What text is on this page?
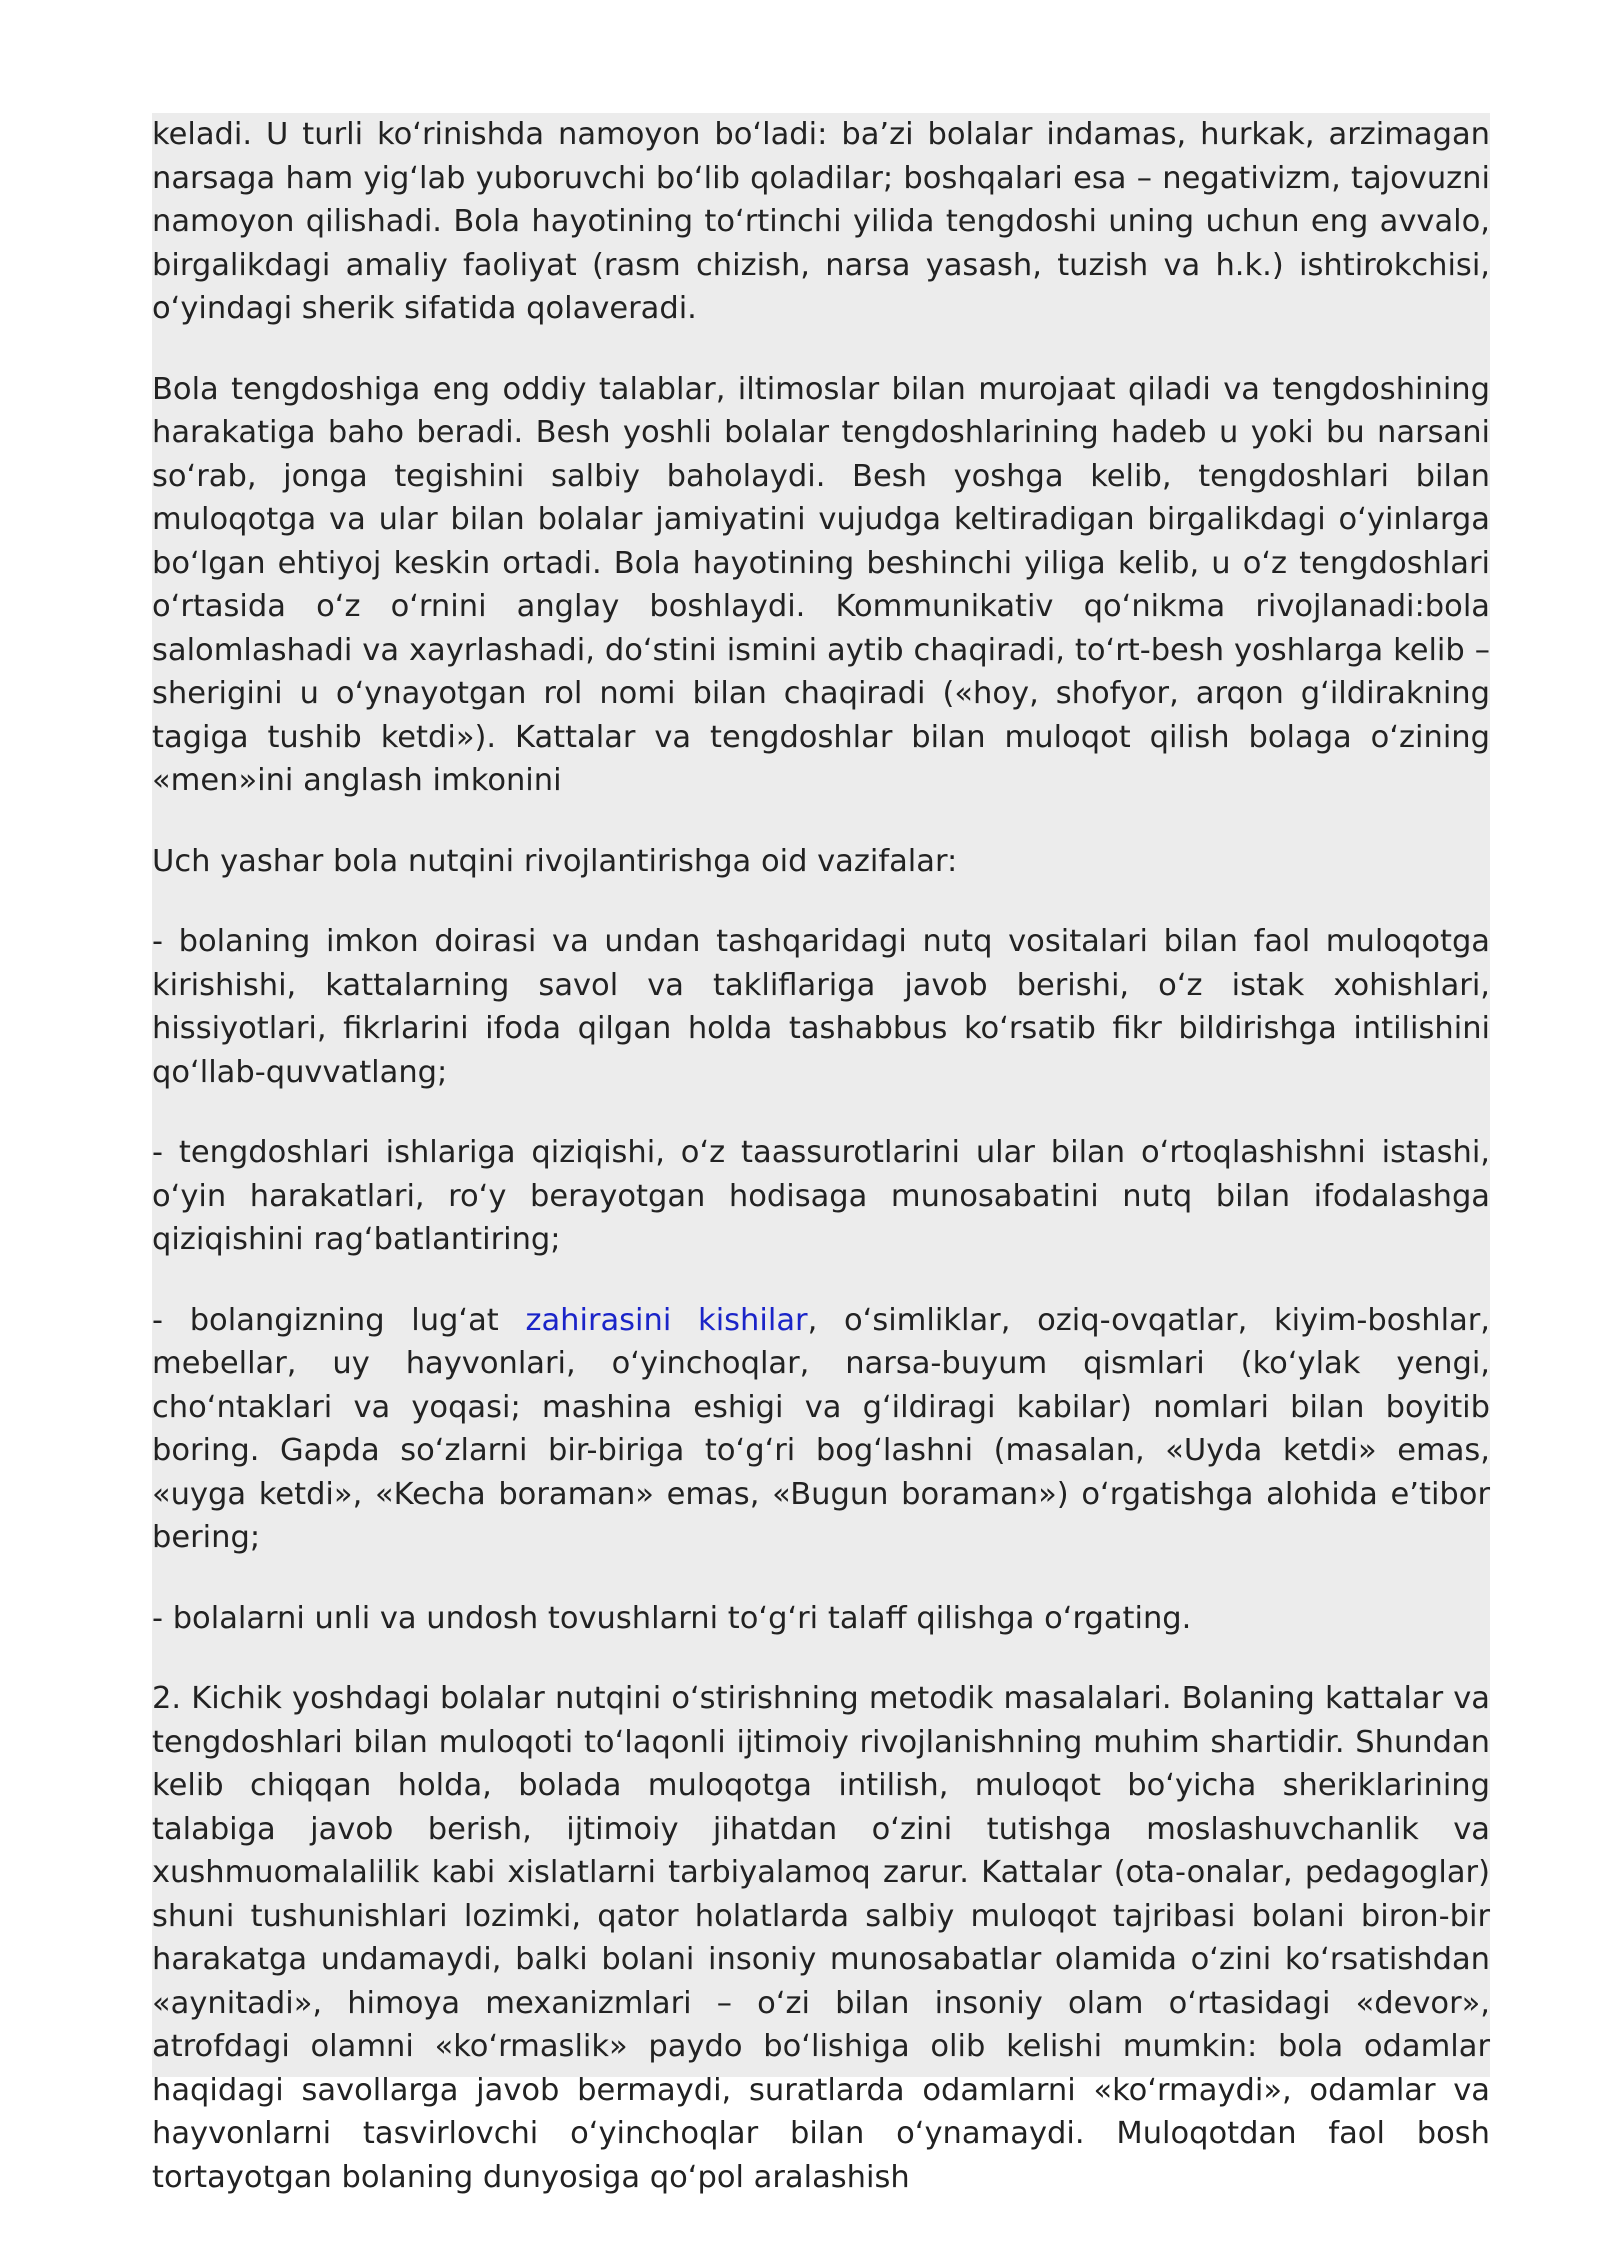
keladi. U turli koʻrinishda namoyon boʻladi: baʼzi bolalar indamas, hurkak, arzimagan narsaga ham yigʻlab yuboruvchi boʻlib qoladilar; boshqalari esa – negativizm, tajovuzni namoyon qilishadi. Bola hayotining toʻrtinchi yilida tengdoshi uning uchun eng avvalo, birgalikdagi amaliy faoliyat (rasm chizish, narsa yasash, tuzish va h.k.) ishtirokchisi, oʻyindagi sherik sifatida qolaveradi.

Bola tengdoshiga eng oddiy talablar, iltimoslar bilan murojaat qiladi va tengdoshining harakatiga baho beradi. Besh yoshli bolalar tengdoshlarining hadeb u yoki bu narsani soʻrab, jonga tegishini salbiy baholaydi. Besh yoshga kelib, tengdoshlari bilan muloqotga va ular bilan bolalar jamiyatini vujudga keltiradigan birgalikdagi oʻyinlarga boʻlgan ehtiyoj keskin ortadi. Bola hayotining beshinchi yiliga kelib, u oʻz tengdoshlari oʻrtasida oʻz oʻrnini anglay boshlaydi. Kommunikativ qoʻnikma rivojlanadi:bola salomlashadi va xayrlashadi, doʻstini ismini aytib chaqiradi, toʻrt-besh yoshlarga kelib – sherigini u oʻynayotgan rol nomi bilan chaqiradi («hoy, shofyor, arqon gʻildirakning tagiga tushib ketdi»). Kattalar va tengdoshlar bilan muloqot qilish bolaga oʻzining «men»ini anglash imkonini

Uch yashar bola nutqini rivojlantirishga oid vazifalar:

- bolaning imkon doirasi va undan tashqaridagi nutq vositalari bilan faol muloqotga kirishishi, kattalarning savol va takliflariga javob berishi, oʻz istak xohishlari, hissiyotlari, fikrlarini ifoda qilgan holda tashabbus koʻrsatib fikr bildirishga intilishini qoʻllab-quvvatlang;

- tengdoshlari ishlariga qiziqishi, oʻz taassurotlarini ular bilan oʻrtoqlashishni istashi, oʻyin harakatlari, roʻy berayotgan hodisaga munosabatini nutq bilan ifodalashga qiziqishini ragʻbatlantiring;

- bolangizning lugʻat zahirasini kishilar, oʻsimliklar, oziq-ovqatlar, kiyim-boshlar, mebellar, uy hayvonlari, oʻyinchoqlar, narsa-buyum qismlari (koʻylak yengi, choʻntaklari va yoqasi; mashina eshigi va gʻildiragi kabilar) nomlari bilan boyitib boring. Gapda soʻzlarni bir-biriga toʻgʻri bogʻlashni (masalan, «Uyda ketdi» emas, «uyga ketdi», «Kecha boraman» emas, «Bugun boraman») oʻrgatishga alohida eʼtibor bering;

- bolalarni unli va undosh tovushlarni toʻgʻri talaff qilishga oʻrgating.

2. Kichik yoshdagi bolalar nutqini oʻstirishning metodik masalalari. Bolaning kattalar va tengdoshlari bilan muloqoti toʻlaqonli ijtimoiy rivojlanishning muhim shartidir. Shundan kelib chiqqan holda, bolada muloqotga intilish, muloqot boʻyicha sheriklarining talabiga javob berish, ijtimoiy jihatdan oʻzini tutishga moslashuvchanlik va xushmuomalalilik kabi xislatlarni tarbiyalamoq zarur. Kattalar (ota-onalar, pedagoglar) shuni tushunishlari lozimki, qator holatlarda salbiy muloqot tajribasi bolani biron-bir harakatga undamaydi, balki bolani insoniy munosabatlar olamida oʻzini koʻrsatishdan «aynitadi», himoya mexanizmlari – oʻzi bilan insoniy olam oʻrtasidagi «devor», atrofdagi olamni «koʻrmaslik» paydo boʻlishiga olib kelishi mumkin: bola odamlar haqidagi savollarga javob bermaydi, suratlarda odamlarni «koʻrmaydi», odamlar va hayvonlarni tasvirlovchi oʻyinchoqlar bilan oʻynamaydi. Muloqotdan faol bosh tortayotgan bolaning dunyosiga qoʻpol aralashish
